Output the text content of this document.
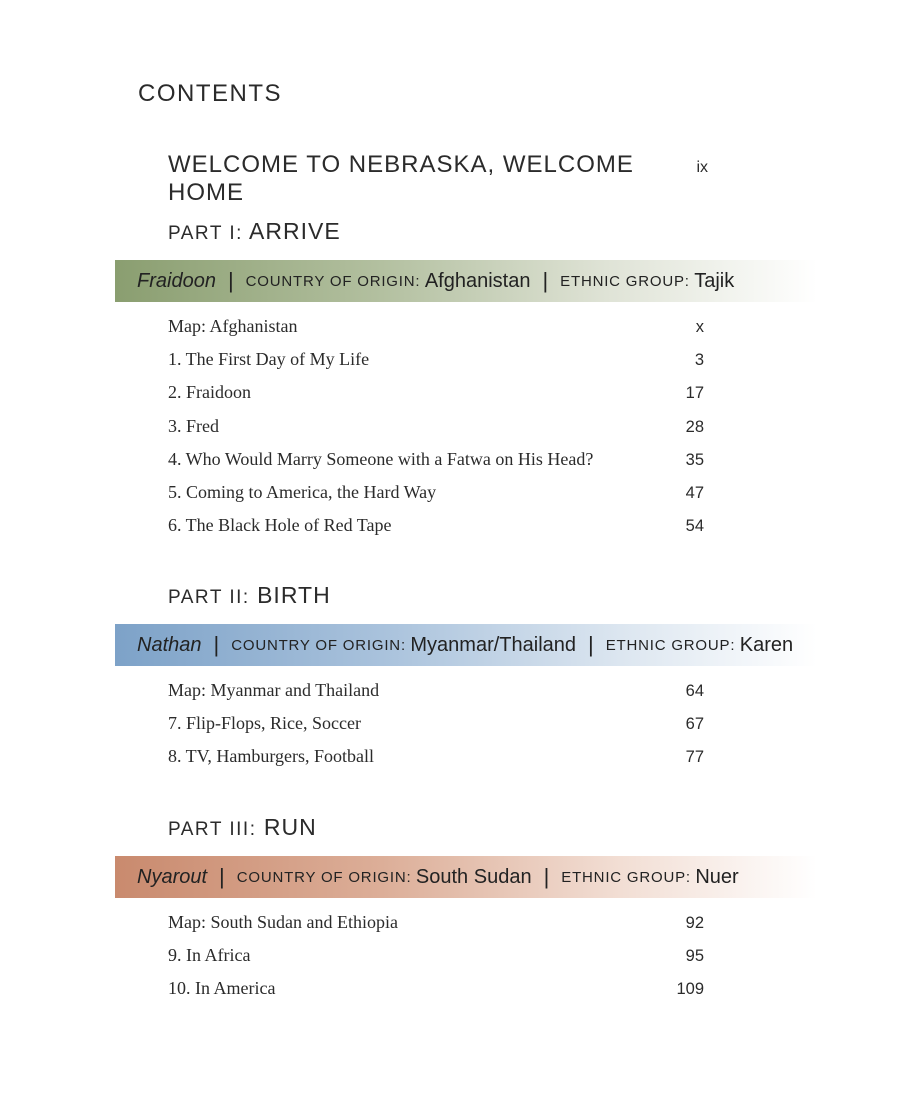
CONTENTS
WELCOME TO NEBRASKA, WELCOME HOME
ix
PART I: ARRIVE
Fraidoon | COUNTRY OF ORIGIN:
Afghanistan | ETHNIC GROUP:
Tajik
Map: Afghanistan	x
1. The First Day of My Life	3
2. Fraidoon	17
3. Fred	28
4. Who Would Marry Someone with a Fatwa on His Head?	35
5. Coming to America, the Hard Way	47
6. The Black Hole of Red Tape	54
PART II: BIRTH
Nathan | COUNTRY OF ORIGIN:
Myanmar/Thailand | ETHNIC GROUP:
Karen
Map: Myanmar and Thailand	64
7. Flip-Flops, Rice, Soccer	67
8. TV, Hamburgers, Football	77
PART III: RUN
Nyarout | COUNTRY OF ORIGIN:
South Sudan | ETHNIC GROUP:
Nuer
Map: South Sudan and Ethiopia	92
9. In Africa	95
10. In America	109
